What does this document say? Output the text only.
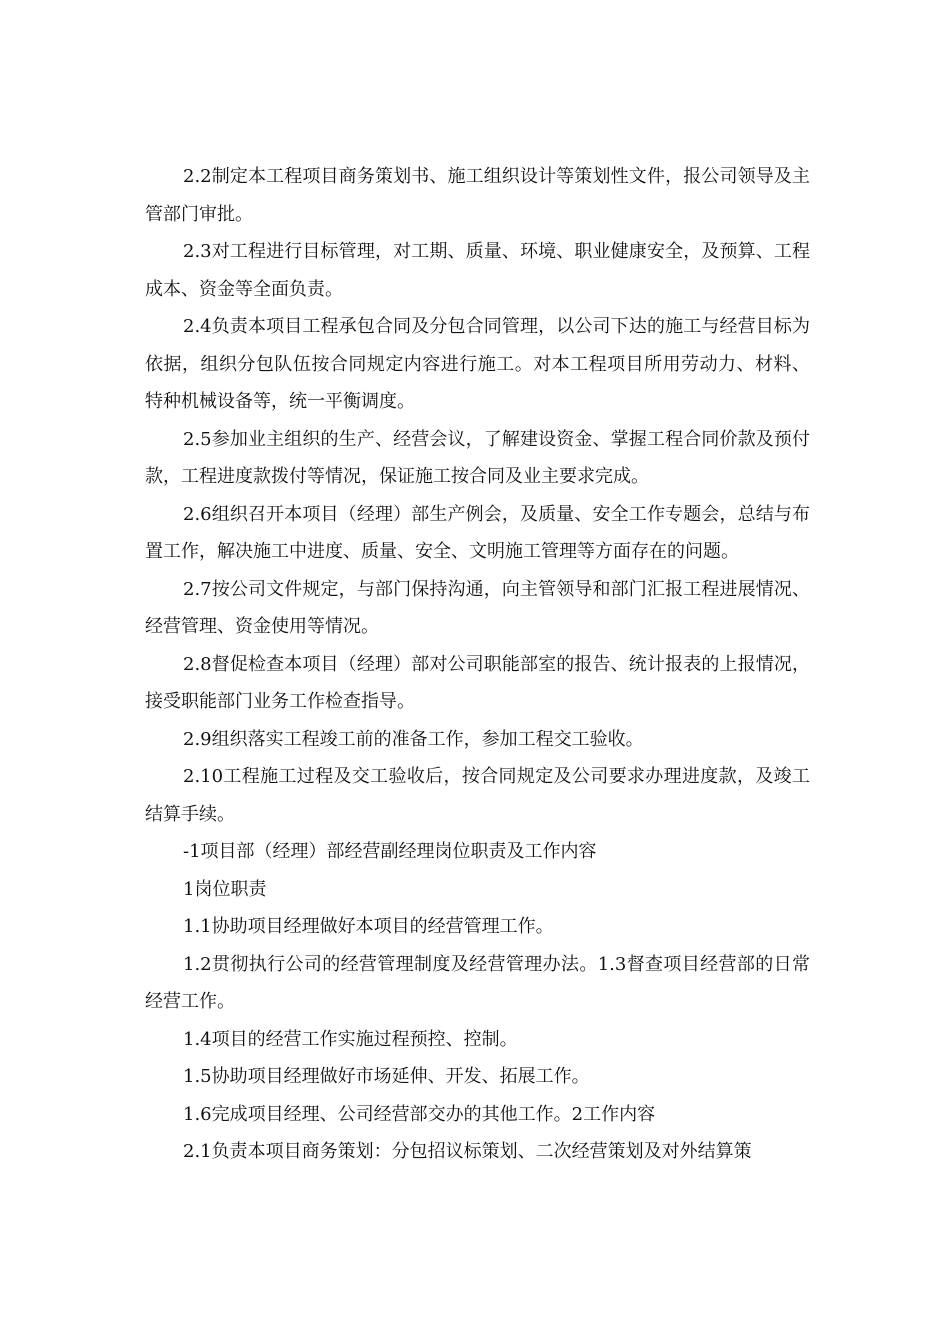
2.2制定本工程项目商务策划书、施工组织设计等策划性文件，报公司领导及主管部门审批。

2.3对工程进行目标管理，对工期、质量、环境、职业健康安全，及预算、工程成本、资金等全面负责。

2.4负责本项目工程承包合同及分包合同管理，以公司下达的施工与经营目标为依据，组织分包队伍按合同规定内容进行施工。对本工程项目所用劳动力、材料、特种机械设备等，统一平衡调度。

2.5参加业主组织的生产、经营会议，了解建设资金、掌握工程合同价款及预付款，工程进度款拨付等情况，保证施工按合同及业主要求完成。

2.6组织召开本项目（经理）部生产例会，及质量、安全工作专题会，总结与布置工作，解决施工中进度、质量、安全、文明施工管理等方面存在的问题。

2.7按公司文件规定，与部门保持沟通，向主管领导和部门汇报工程进展情况、经营管理、资金使用等情况。

2.8督促检查本项目（经理）部对公司职能部室的报告、统计报表的上报情况，接受职能部门业务工作检查指导。

2.9组织落实工程竣工前的准备工作，参加工程交工验收。

2.10工程施工过程及交工验收后，按合同规定及公司要求办理进度款，及竣工结算手续。

-1项目部（经理）部经营副经理岗位职责及工作内容

1岗位职责

1.1协助项目经理做好本项目的经营管理工作。

1.2贯彻执行公司的经营管理制度及经营管理办法。1.3督查项目经营部的日常经营工作。

1.4项目的经营工作实施过程预控、控制。

1.5协助项目经理做好市场延伸、开发、拓展工作。

1.6完成项目经理、公司经营部交办的其他工作。2工作内容

2.1负责本项目商务策划：分包招议标策划、二次经营策划及对外结算策
